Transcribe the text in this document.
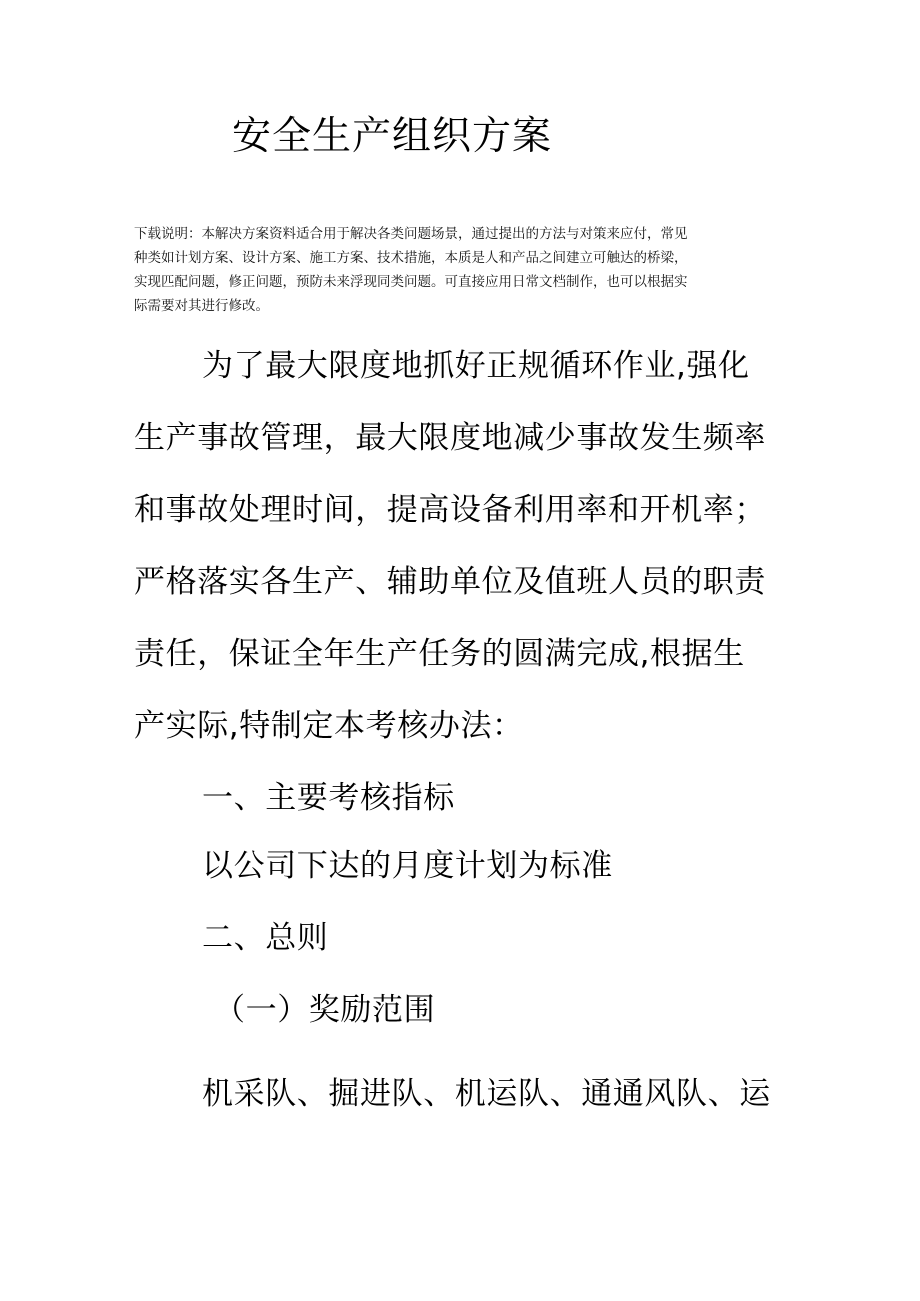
安全生产组织方案
下载说明：本解决方案资料适合用于解决各类问题场景，通过提出的方法与对策来应付，常见
种类如计划方案、设计方案、施工方案、技术措施，本质是人和产品之间建立可触达的桥梁，
实现匹配问题，修正问题，预防未来浮现同类问题。可直接应用日常文档制作，也可以根据实
际需要对其进行修改。
为了最大限度地抓好正规循环作业,强化
生产事故管理，最大限度地减少事故发生频率
和事故处理时间，提高设备利用率和开机率；
严格落实各生产、辅助单位及值班人员的职责
责任，保证全年生产任务的圆满完成,根据生
产实际,特制定本考核办法：
一、主要考核指标
以公司下达的月度计划为标准
二、总则
（一）奖励范围
机采队、掘进队、机运队、通通风队、运
